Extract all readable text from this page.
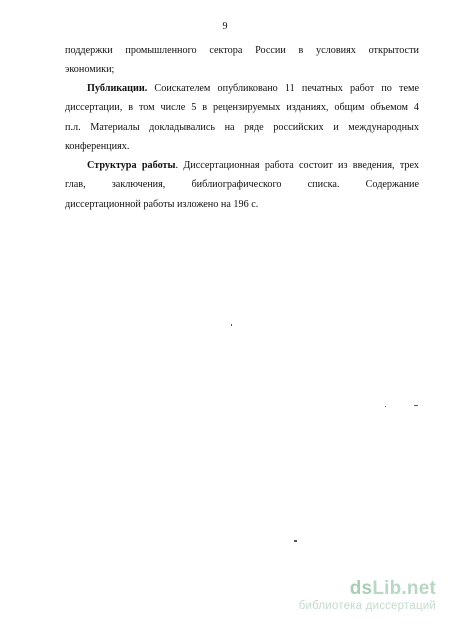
9
поддержки промышленного сектора России в условиях открытости
экономики;
Публикации. Соискателем опубликовано 11 печатных работ по теме
диссертации, в том числе 5 в рецензируемых изданиях, общим объемом 4
п.л. Материалы докладывались на ряде российских и международных
конференциях.
Структура работы. Диссертационная работа состоит из введения, трех
глав, заключения, библиографического списка. Содержание
диссертационной работы изложено на 196 с.
dsLib.net
библиотека диссертаций
